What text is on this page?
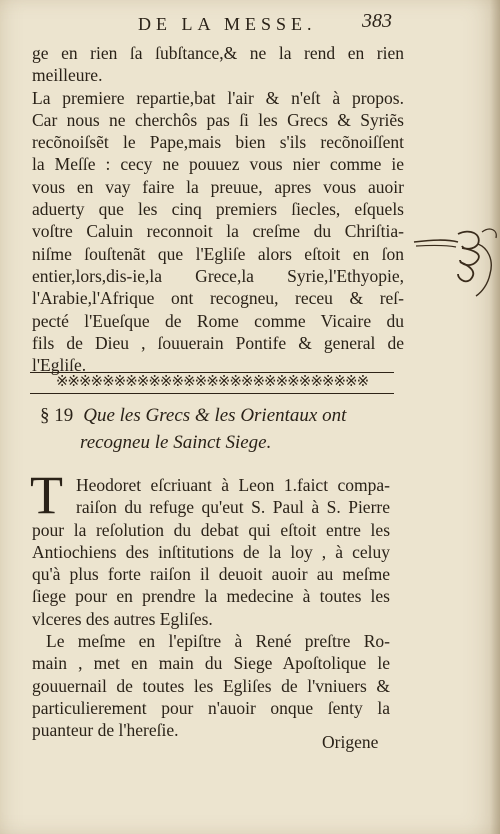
DE LA MESSE. 383
ge en rien ſa ſubſtance,& ne la rend en rien
meilleure.
La premiere repartie,bat l'air & n'eſt à propos.
Car nous ne cherchôs pas ſi les Grecs & Syriẽs
recõnoiſsẽt le Pape,mais bien s'ils recõnoiſſent
la Meſſe : cecy ne pouuez vous nier comme ie
vous en vay faire la preuue, apres vous auoir
aduerty que les cinq premiers ſiecles, eſquels
voſtre Caluin reconnoit la creſme du Chriſtia-
niſme ſouſtenãt que l'Egliſe alors eſtoit en ſon
entier,lors,dis-ie,la Grece,la Syrie,l'Ethyopie,
l'Arabie,l'Afrique ont recogneu, receu & reſ-
pecté l'Eueſque de Rome comme Vicaire du
fils de Dieu , ſouuerain Pontife & general de
l'Egliſe.
※※※※※※※※※※※※※※※※※※※※※※※※※※※
§ 19 Que les Grecs & les Orientaux ont
recogneu le Sainct Siege.
T Heodoret eſcriuant à Leon 1.faict compa-
raiſon du refuge qu'eut S. Paul à S. Pierre
pour la reſolution du debat qui eſtoit entre les
Antiochiens des inſtitutions de la loy , à celuy
qu'à plus forte raiſon il deuoit auoir au meſme
ſiege pour en prendre la medecine à toutes les
vlceres des autres Egliſes.
Le meſme en l'epiſtre à René preſtre Ro-
main , met en main du Siege Apoſtolique le
gouuernail de toutes les Egliſes de l'vniuers &
particulierement pour n'auoir onque ſenty la
puanteur de l'hereſie.
Origene
